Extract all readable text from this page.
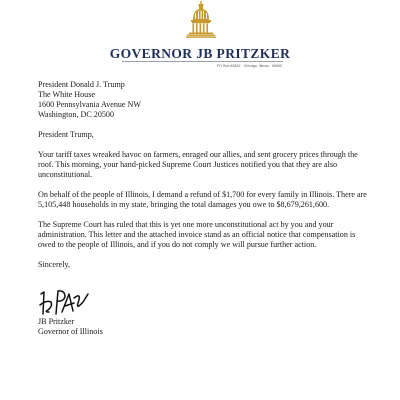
GOVERNOR JB PRITZKER
PO Box A5832 · Chicago, Illinois · 60690
President Donald J. Trump
The White House
1600 Pennsylvania Avenue NW
Washington, DC 20500
President Trump,
Your tariff taxes wreaked havoc on farmers, enraged our allies, and sent grocery prices through the roof. This morning, your hand-picked Supreme Court Justices notified you that they are also unconstitutional.
On behalf of the people of Illinois, I demand a refund of $1,700 for every family in Illinois. There are 5,105,448 households in my state, bringing the total damages you owe to $8,679,261,600.
The Supreme Court has ruled that this is yet one more unconstitutional act by you and your administration. This letter and the attached invoice stand as an official notice that compensation is owed to the people of Illinois, and if you do not comply we will pursue further action.
Sincerely,
JB Pritzker
Governor of Illinois
